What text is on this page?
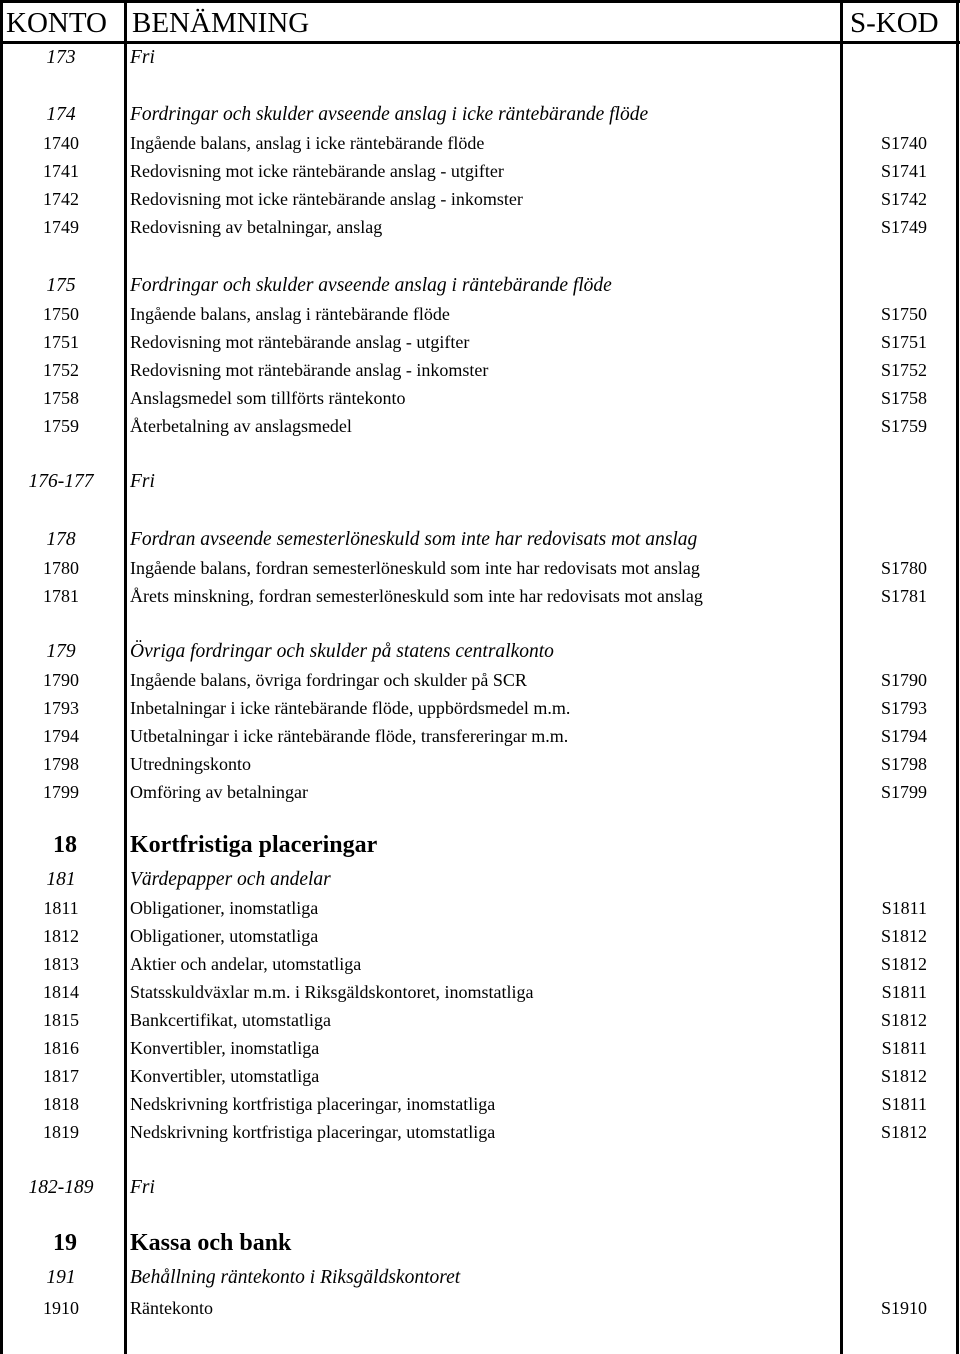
KONTO BENÄMNING	S-KOD
173	Fri
174	Fordringar och skulder avseende anslag i icke räntebärande flöde
1740	Ingående balans, anslag i icke räntebärande flöde	S1740
1741	Redovisning mot icke räntebärande anslag - utgifter	S1741
1742	Redovisning mot icke räntebärande anslag - inkomster	S1742
1749	Redovisning av betalningar, anslag	S1749
175	Fordringar och skulder avseende anslag i räntebärande flöde
1750	Ingående balans, anslag i räntebärande flöde	S1750
1751	Redovisning mot räntebärande anslag - utgifter	S1751
1752	Redovisning mot räntebärande anslag - inkomster	S1752
1758	Anslagsmedel som tillförts räntekonto	S1758
1759	Återbetalning av anslagsmedel	S1759
176-177	Fri
178	Fordran avseende semesterlöneskuld som inte har redovisats mot anslag
1780	Ingående balans, fordran semesterlöneskuld som inte har redovisats mot anslag	S1780
1781	Årets minskning, fordran semesterlöneskuld som inte har redovisats mot anslag	S1781
179	Övriga fordringar och skulder på statens centralkonto
1790	Ingående balans, övriga fordringar och skulder på SCR	S1790
1793	Inbetalningar i icke räntebärande flöde, uppbördsmedel m.m.	S1793
1794	Utbetalningar i icke räntebärande flöde, transfereringar m.m.	S1794
1798	Utredningskonto	S1798
1799	Omföring av betalningar	S1799
18	Kortfristiga placeringar
181	Värdepapper och andelar
1811	Obligationer, inomstatliga	S1811
1812	Obligationer, utomstatliga	S1812
1813	Aktier och andelar, utomstatliga	S1812
1814	Statsskuldväxlar m.m. i Riksgäldskontoret, inomstatliga	S1811
1815	Bankcertifikat, utomstatliga	S1812
1816	Konvertibler, inomstatliga	S1811
1817	Konvertibler, utomstatliga	S1812
1818	Nedskrivning kortfristiga placeringar, inomstatliga	S1811
1819	Nedskrivning kortfristiga placeringar, utomstatliga	S1812
182-189	Fri
19	Kassa och bank
191	Behållning räntekonto i Riksgäldskontoret
1910	Räntekonto	S1910
